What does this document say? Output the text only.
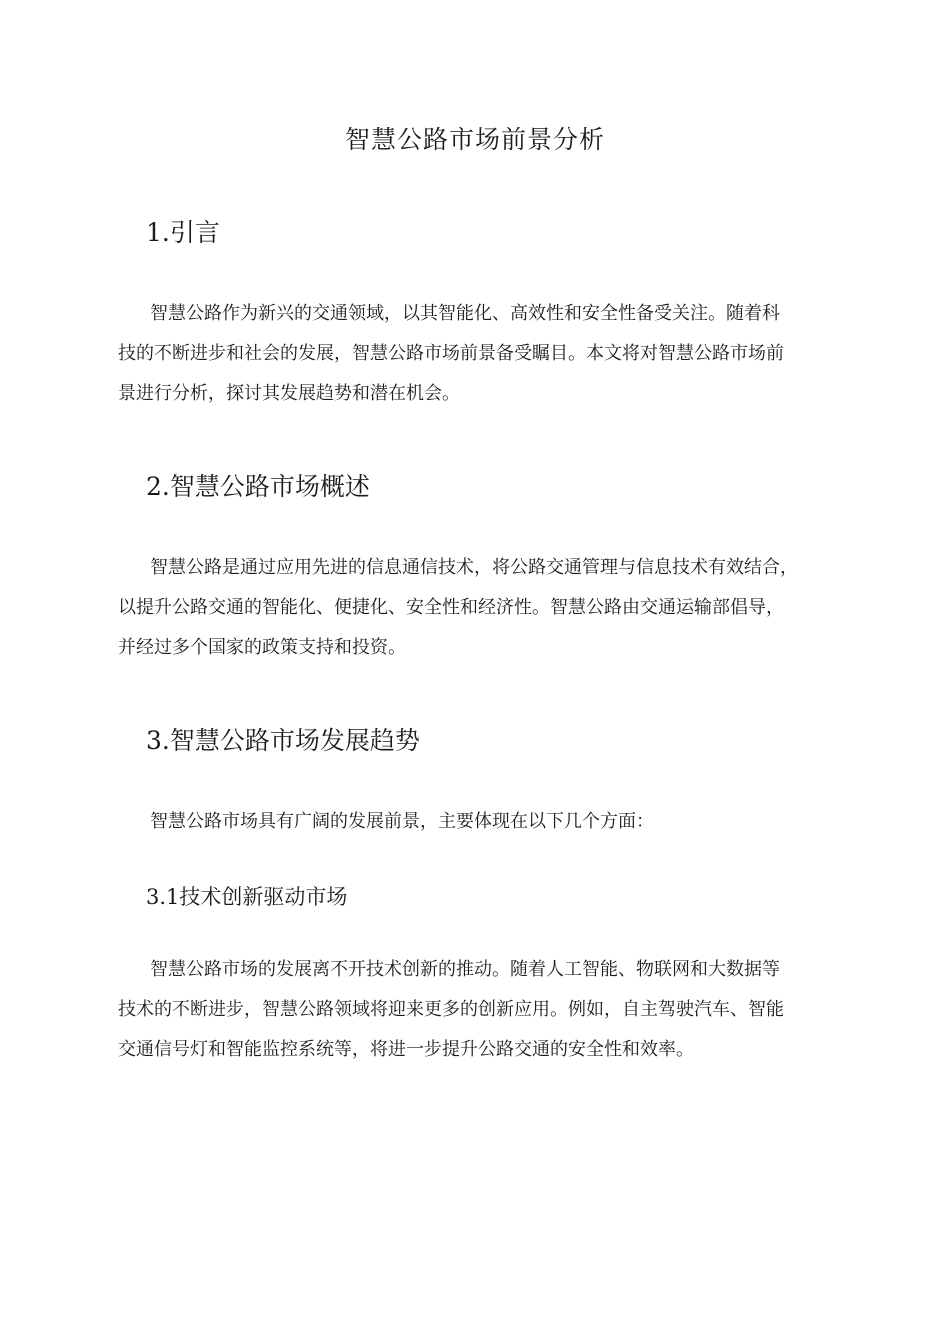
智慧公路市场前景分析
1.引言
智慧公路作为新兴的交通领域，以其智能化、高效性和安全性备受关注。随着科
技的不断进步和社会的发展，智慧公路市场前景备受瞩目。本文将对智慧公路市场前
景进行分析，探讨其发展趋势和潜在机会。
2.智慧公路市场概述
智慧公路是通过应用先进的信息通信技术，将公路交通管理与信息技术有效结合，
以提升公路交通的智能化、便捷化、安全性和经济性。智慧公路由交通运输部倡导，
并经过多个国家的政策支持和投资。
3.智慧公路市场发展趋势
智慧公路市场具有广阔的发展前景，主要体现在以下几个方面：
3.1技术创新驱动市场
智慧公路市场的发展离不开技术创新的推动。随着人工智能、物联网和大数据等
技术的不断进步，智慧公路领域将迎来更多的创新应用。例如，自主驾驶汽车、智能
交通信号灯和智能监控系统等，将进一步提升公路交通的安全性和效率。
